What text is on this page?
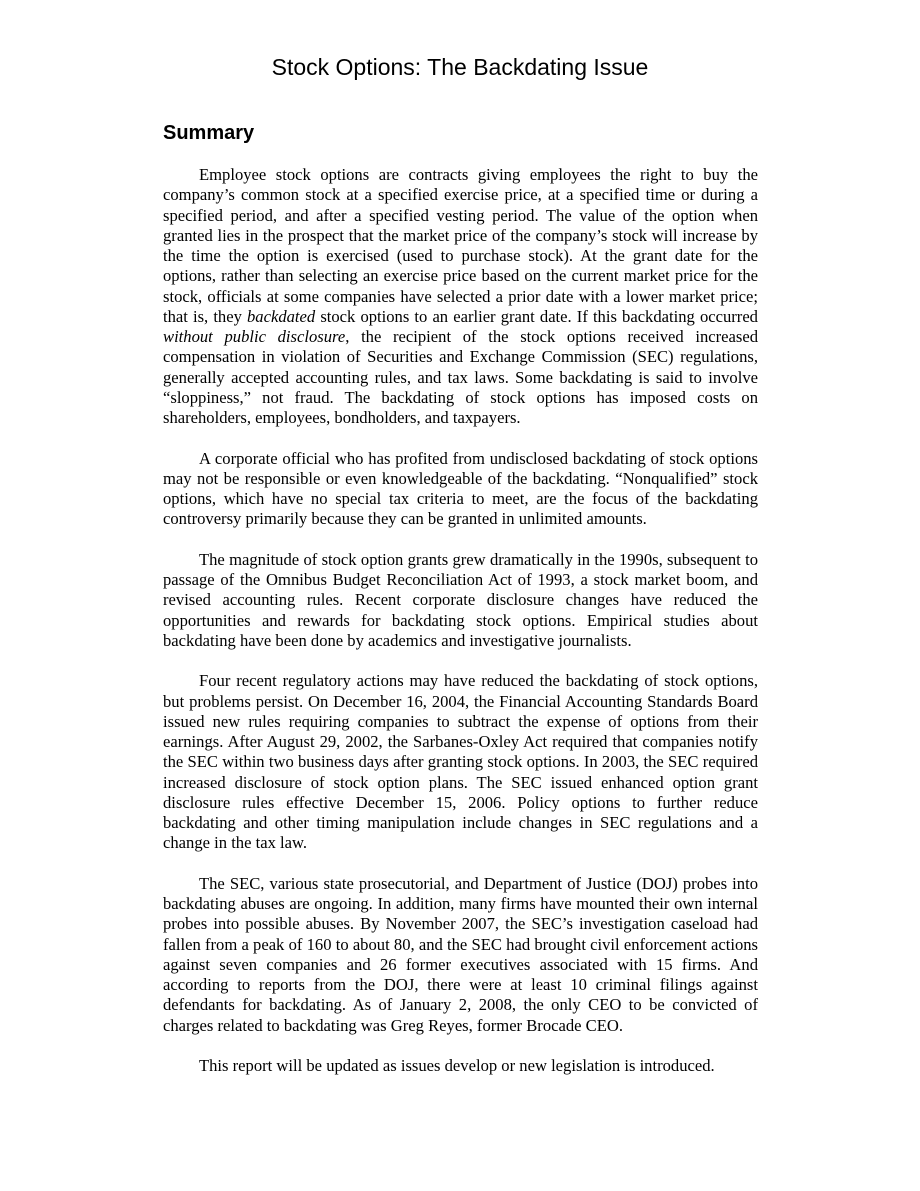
Stock Options: The Backdating Issue
Summary

Employee stock options are contracts giving employees the right to buy the company’s common stock at a specified exercise price, at a specified time or during a specified period, and after a specified vesting period. The value of the option when granted lies in the prospect that the market price of the company’s stock will increase by the time the option is exercised (used to purchase stock). At the grant date for the options, rather than selecting an exercise price based on the current market price for the stock, officials at some companies have selected a prior date with a lower market price; that is, they backdated stock options to an earlier grant date. If this backdating occurred without public disclosure, the recipient of the stock options received increased compensation in violation of Securities and Exchange Commission (SEC) regulations, generally accepted accounting rules, and tax laws. Some backdating is said to involve “sloppiness,” not fraud. The backdating of stock options has imposed costs on shareholders, employees, bondholders, and taxpayers.

A corporate official who has profited from undisclosed backdating of stock options may not be responsible or even knowledgeable of the backdating. “Nonqualified” stock options, which have no special tax criteria to meet, are the focus of the backdating controversy primarily because they can be granted in unlimited amounts.

The magnitude of stock option grants grew dramatically in the 1990s, subsequent to passage of the Omnibus Budget Reconciliation Act of 1993, a stock market boom, and revised accounting rules. Recent corporate disclosure changes have reduced the opportunities and rewards for backdating stock options. Empirical studies about backdating have been done by academics and investigative journalists.

Four recent regulatory actions may have reduced the backdating of stock options, but problems persist. On December 16, 2004, the Financial Accounting Standards Board issued new rules requiring companies to subtract the expense of options from their earnings. After August 29, 2002, the Sarbanes-Oxley Act required that companies notify the SEC within two business days after granting stock options. In 2003, the SEC required increased disclosure of stock option plans. The SEC issued enhanced option grant disclosure rules effective December 15, 2006. Policy options to further reduce backdating and other timing manipulation include changes in SEC regulations and a change in the tax law.

The SEC, various state prosecutorial, and Department of Justice (DOJ) probes into backdating abuses are ongoing. In addition, many firms have mounted their own internal probes into possible abuses. By November 2007, the SEC’s investigation caseload had fallen from a peak of 160 to about 80, and the SEC had brought civil enforcement actions against seven companies and 26 former executives associated with 15 firms. And according to reports from the DOJ, there were at least 10 criminal filings against defendants for backdating. As of January 2, 2008, the only CEO to be convicted of charges related to backdating was Greg Reyes, former Brocade CEO.

This report will be updated as issues develop or new legislation is introduced.
